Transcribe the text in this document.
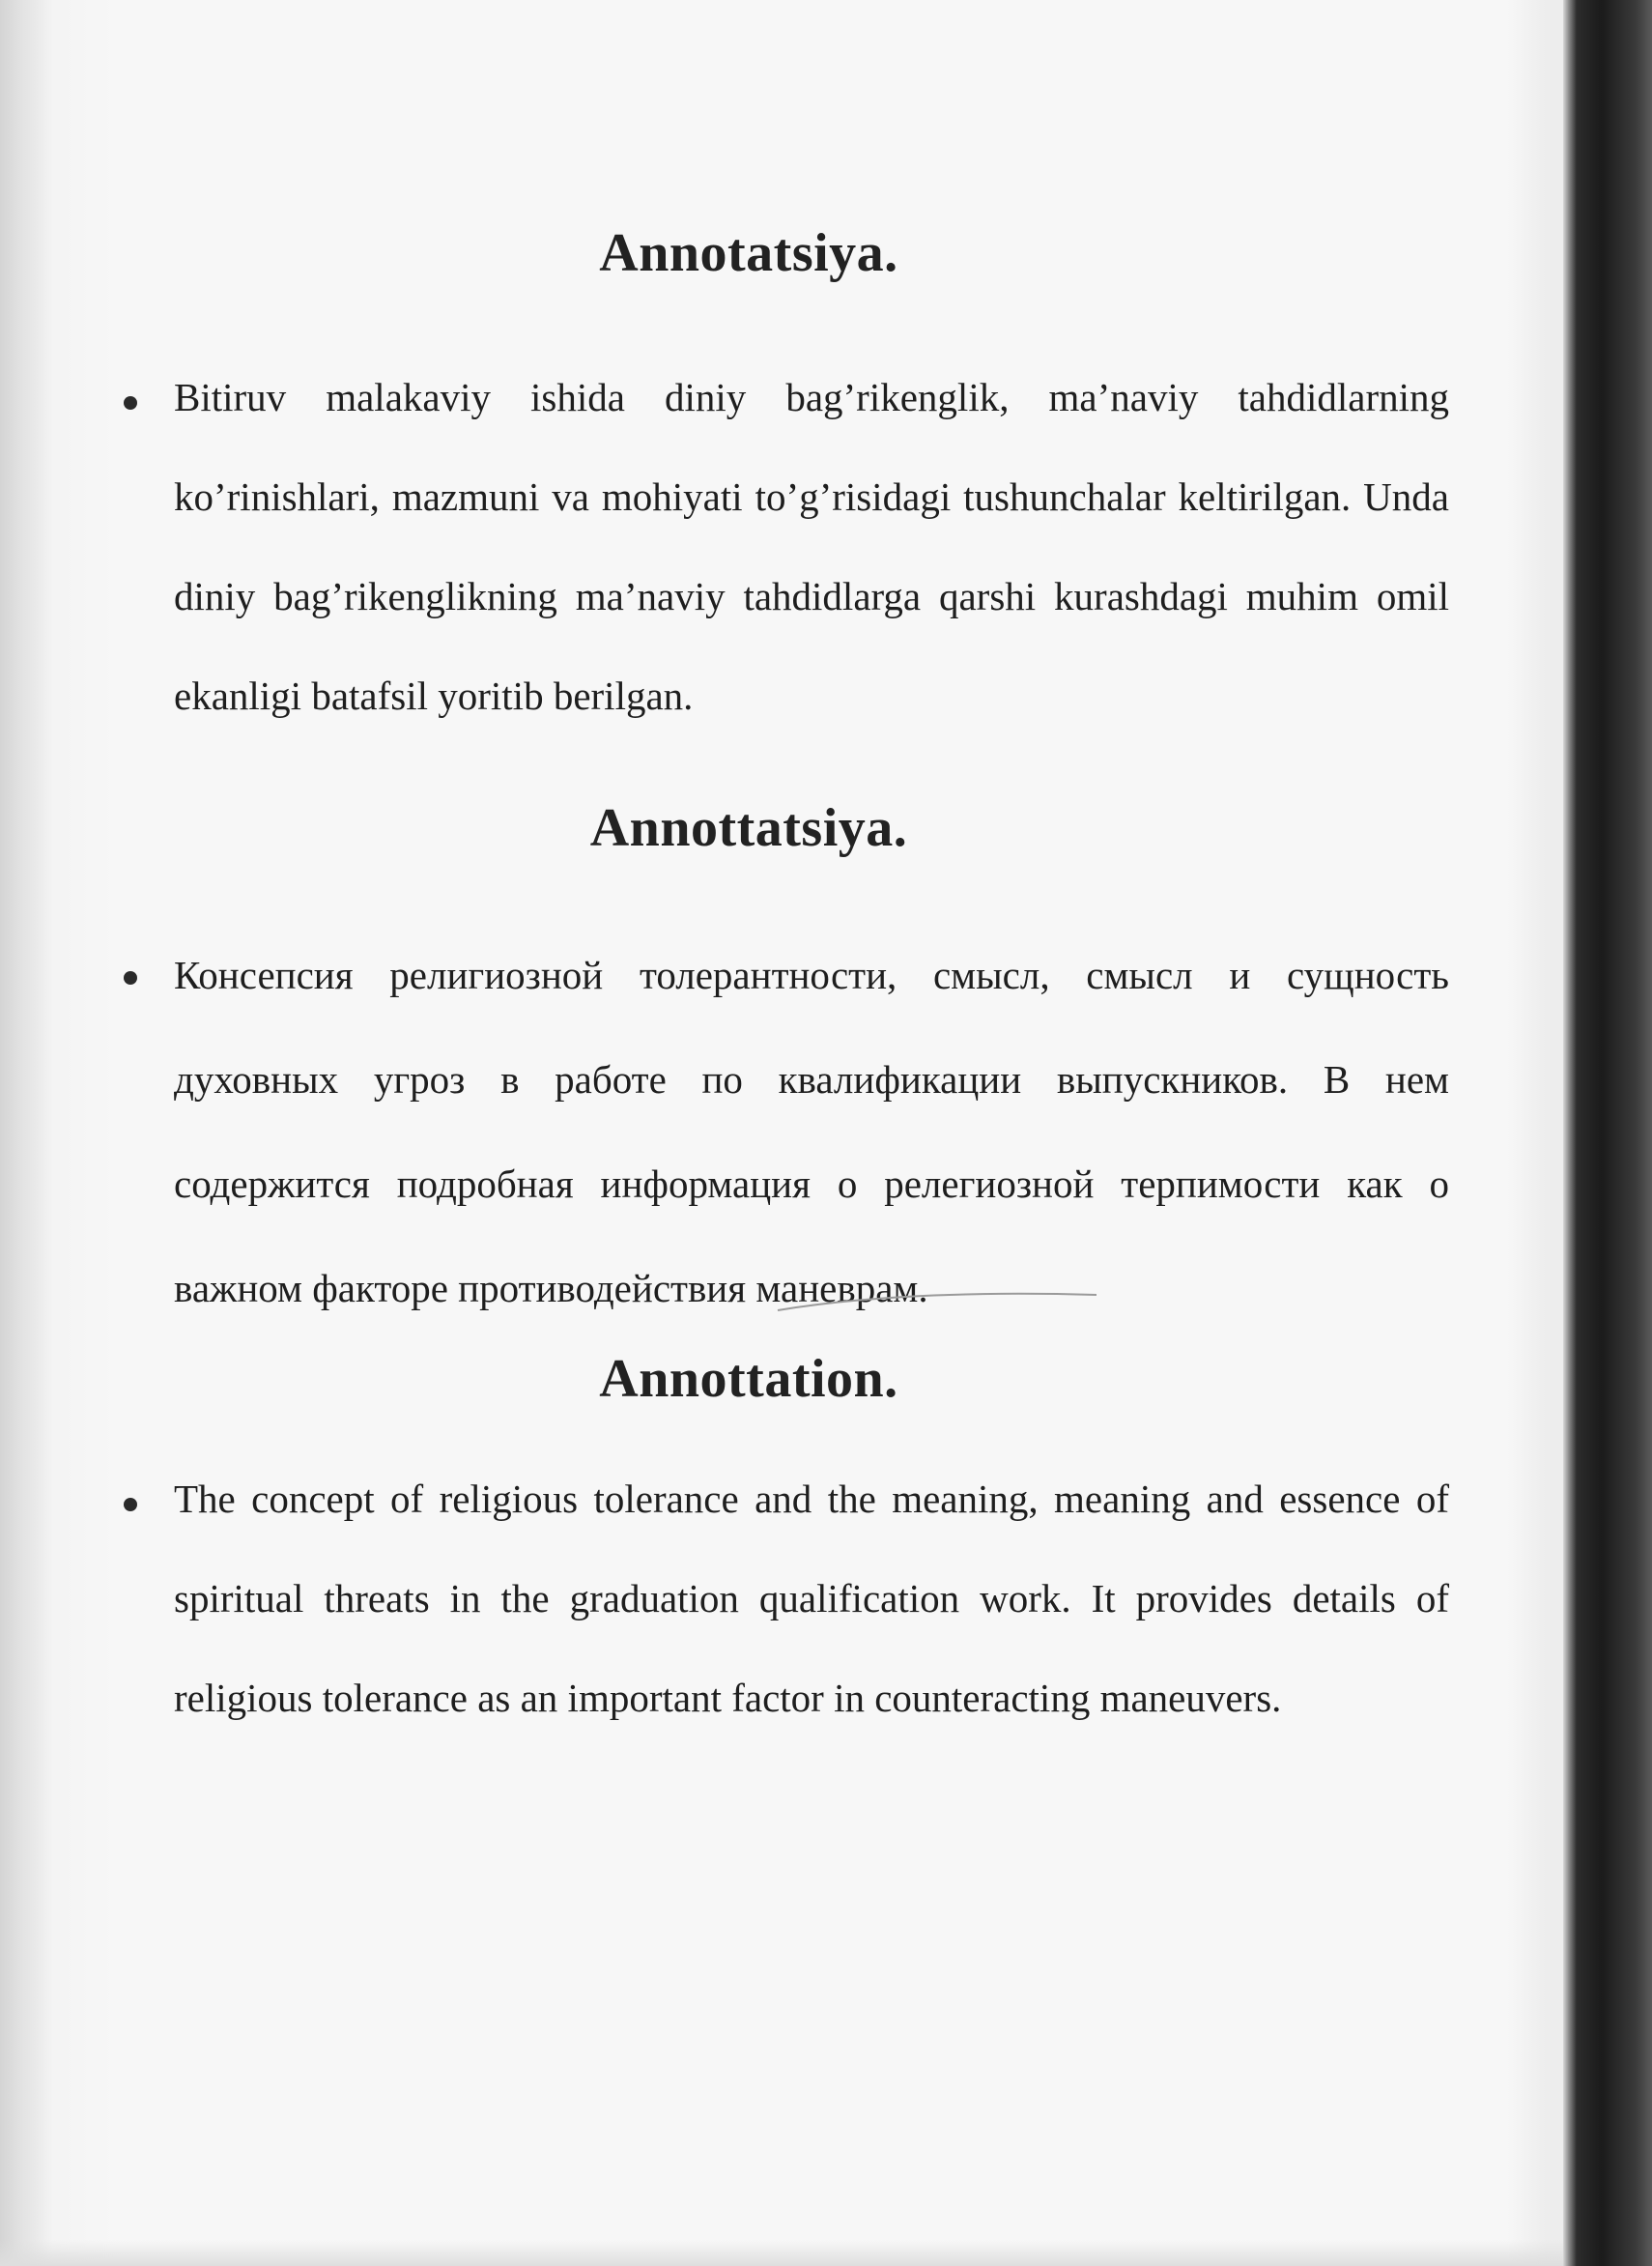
Annotatsiya.

Bitiruv malakaviy ishida diniy bag’rikenglik, ma’naviy tahdidlarning ko’rinishlari, mazmuni va mohiyati to’g’risidagi tushunchalar keltirilgan. Unda diniy bag’rikenglikning ma’naviy tahdidlarga qarshi kurashdagi muhim omil ekanligi batafsil yoritib berilgan.

Annottatsiya.

Консепсия религиозной толерантности, смысл, смысл и сущность духовных угроз в работе по квалификации выпускников. В нем содержится подробная информация о релегиозной терпимости как о важном факторе противодействия маневрам.

Annottation.

The concept of religious tolerance and the meaning, meaning and essence of spiritual threats in the graduation qualification work. It provides details of religious tolerance as an important factor in counteracting maneuvers.
